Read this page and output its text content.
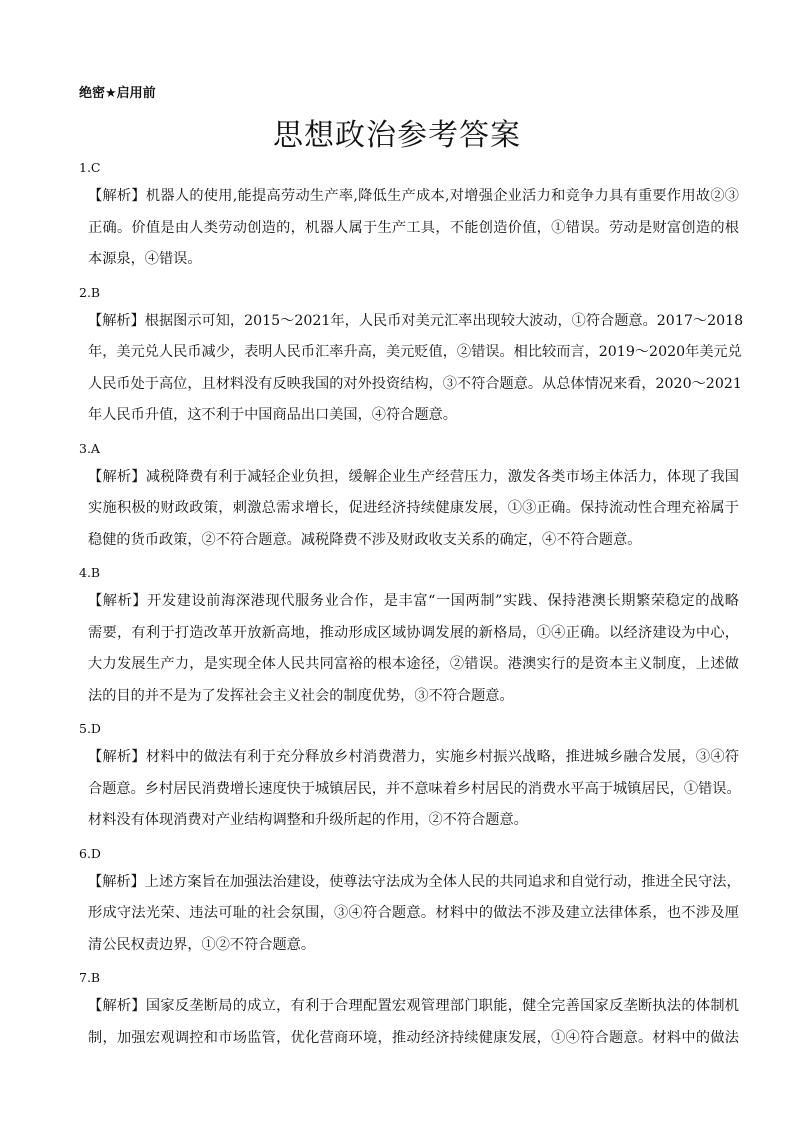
绝密★启用前
思想政治参考答案
1.C
【解析】机器人的使用,能提高劳动生产率,降低生产成本,对增强企业活力和竞争力具有重要作用故②③
正确。价值是由人类劳动创造的，机器人属于生产工具，不能创造价值，①错误。劳动是财富创造的根
本源泉，④错误。
2.B
【解析】根据图示可知，2015～2021年，人民币对美元汇率出现较大波动，①符合题意。2017～2018
年，美元兑人民币减少，表明人民币汇率升高，美元贬值，②错误。相比较而言，2019～2020年美元兑
人民币处于高位，且材料没有反映我国的对外投资结构，③不符合题意。从总体情况来看，2020～2021
年人民币升值，这不利于中国商品出口美国，④符合题意。
3.A
【解析】减税降费有利于减轻企业负担，缓解企业生产经营压力，激发各类市场主体活力，体现了我国
实施积极的财政政策，刺激总需求增长，促进经济持续健康发展，①③正确。保持流动性合理充裕属于
稳健的货币政策，②不符合题意。减税降费不涉及财政收支关系的确定，④不符合题意。
4.B
【解析】开发建设前海深港现代服务业合作，是丰富“一国两制”实践、保持港澳长期繁荣稳定的战略
需要，有利于打造改革开放新高地，推动形成区域协调发展的新格局，①④正确。以经济建设为中心，
大力发展生产力，是实现全体人民共同富裕的根本途径，②错误。港澳实行的是资本主义制度，上述做
法的目的并不是为了发挥社会主义社会的制度优势，③不符合题意。
5.D
【解析】材料中的做法有利于充分释放乡村消费潜力，实施乡村振兴战略，推进城乡融合发展，③④符
合题意。乡村居民消费增长速度快于城镇居民，并不意味着乡村居民的消费水平高于城镇居民，①错误。
材料没有体现消费对产业结构调整和升级所起的作用，②不符合题意。
6.D
【解析】上述方案旨在加强法治建设，使尊法守法成为全体人民的共同追求和自觉行动，推进全民守法，
形成守法光荣、违法可耻的社会氛围，③④符合题意。材料中的做法不涉及建立法律体系，也不涉及厘
清公民权责边界，①②不符合题意。
7.B
【解析】国家反垄断局的成立，有利于合理配置宏观管理部门职能，健全完善国家反垄断执法的体制机
制，加强宏观调控和市场监管，优化营商环境，推动经济持续健康发展，①④符合题意。材料中的做法
